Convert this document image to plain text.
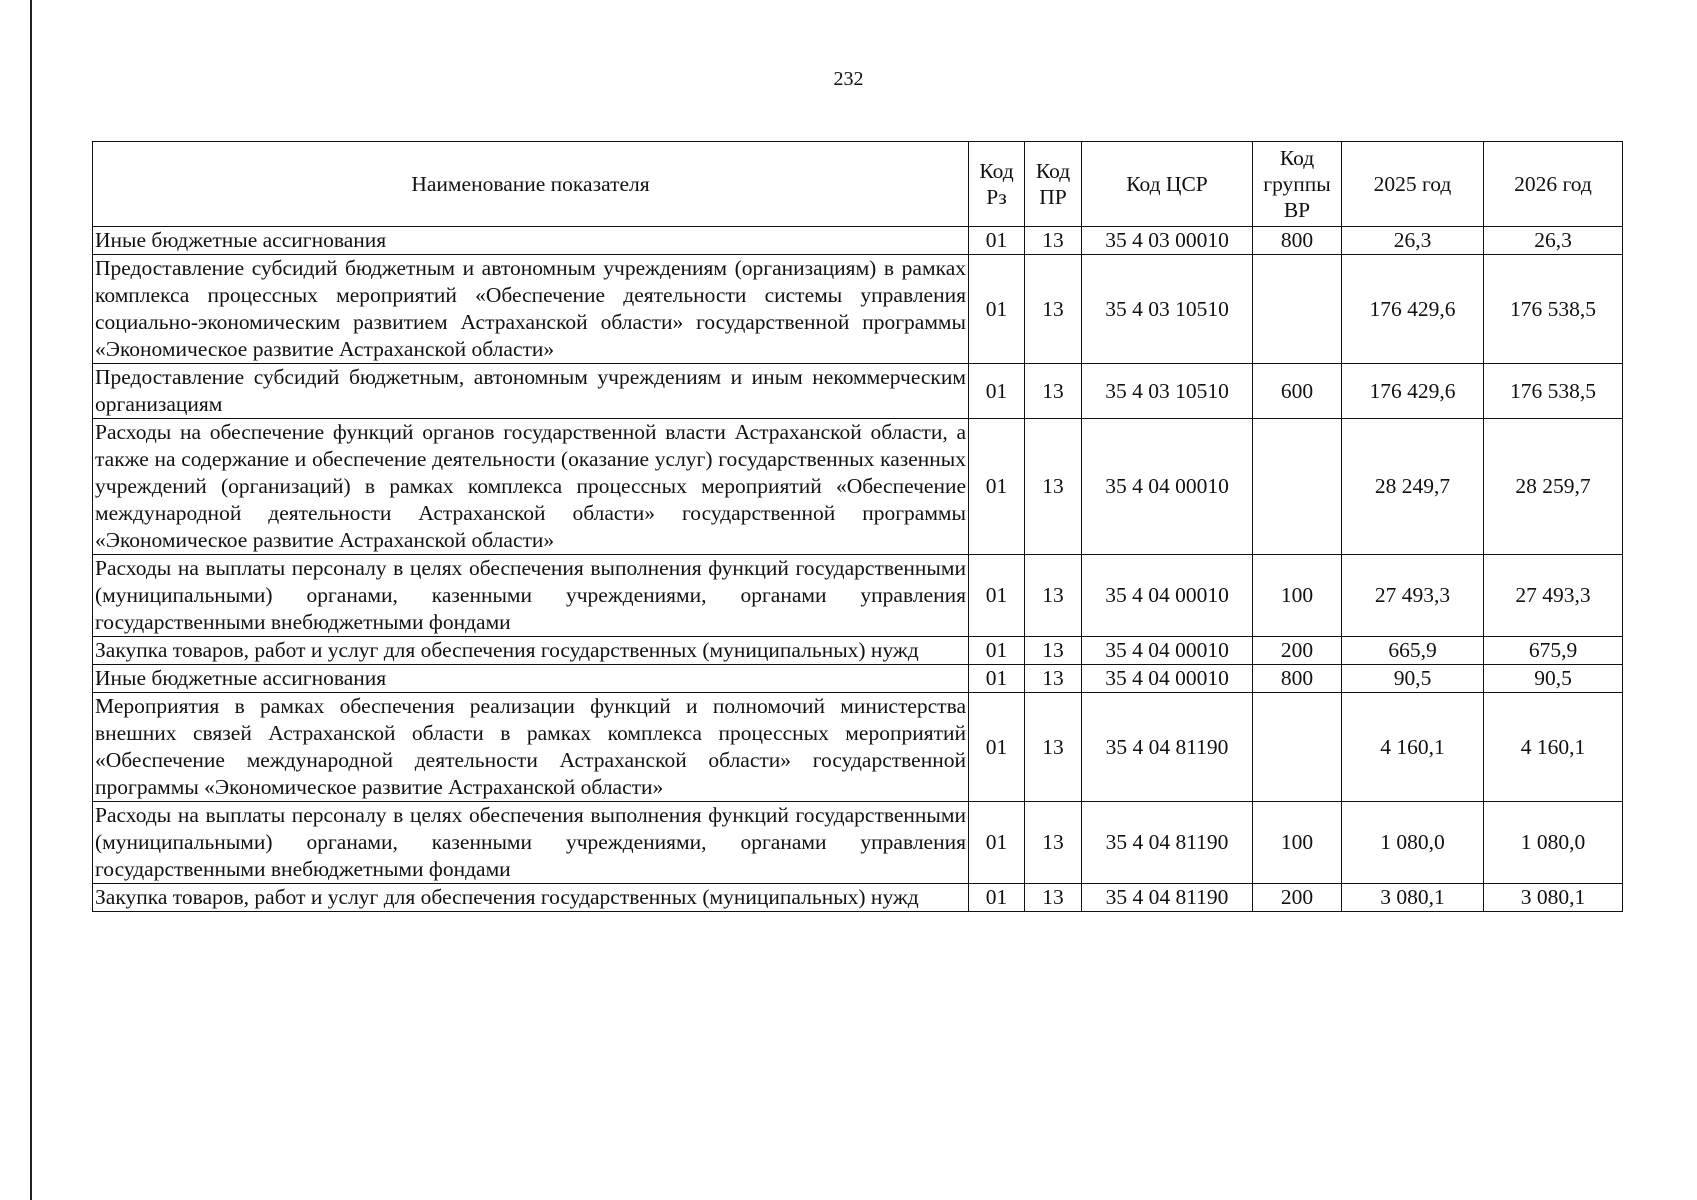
232
Наименование показателя	Код Рз	Код ПР	Код ЦСР	Код группы ВР	2025 год	2026 год
Иные бюджетные ассигнования	01	13	35 4 03 00010	800	26,3	26,3
Предоставление субсидий бюджетным и автономным учреждениям (организациям) в рамках комплекса процессных мероприятий «Обеспечение деятельности системы управления социально-экономическим развитием Астраханской области» государственной программы «Экономическое развитие Астраханской области»	01	13	35 4 03 10510		176 429,6	176 538,5
Предоставление субсидий бюджетным, автономным учреждениям и иным некоммерческим организациям	01	13	35 4 03 10510	600	176 429,6	176 538,5
Расходы на обеспечение функций органов государственной власти Астраханской области, а также на содержание и обеспечение деятельности (оказание услуг) государственных казенных учреждений (организаций) в рамках комплекса процессных мероприятий «Обеспечение международной деятельности Астраханской области» государственной программы «Экономическое развитие Астраханской области»	01	13	35 4 04 00010		28 249,7	28 259,7
Расходы на выплаты персоналу в целях обеспечения выполнения функций государственными (муниципальными) органами, казенными учреждениями, органами управления государственными внебюджетными фондами	01	13	35 4 04 00010	100	27 493,3	27 493,3
Закупка товаров, работ и услуг для обеспечения государственных (муниципальных) нужд	01	13	35 4 04 00010	200	665,9	675,9
Иные бюджетные ассигнования	01	13	35 4 04 00010	800	90,5	90,5
Мероприятия в рамках обеспечения реализации функций и полномочий министерства внешних связей Астраханской области в рамках комплекса процессных мероприятий «Обеспечение международной деятельности Астраханской области» государственной программы «Экономическое развитие Астраханской области»	01	13	35 4 04 81190		4 160,1	4 160,1
Расходы на выплаты персоналу в целях обеспечения выполнения функций государственными (муниципальными) органами, казенными учреждениями, органами управления государственными внебюджетными фондами	01	13	35 4 04 81190	100	1 080,0	1 080,0
Закупка товаров, работ и услуг для обеспечения государственных (муниципальных) нужд	01	13	35 4 04 81190	200	3 080,1	3 080,1
